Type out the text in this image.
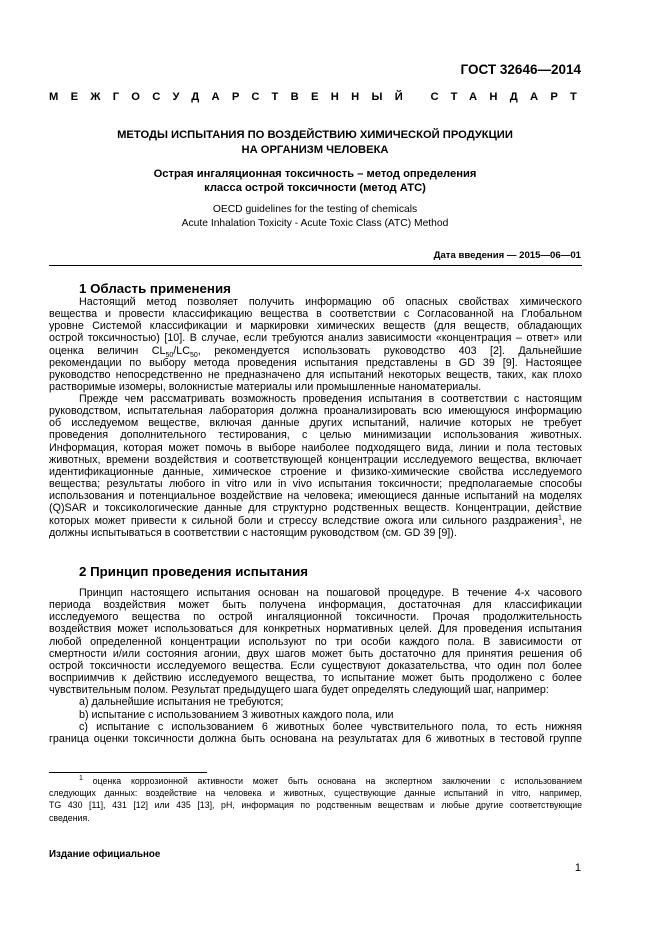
ГОСТ 32646—2014
МЕЖГОСУДАРСТВЕННЫЙ СТАНДАРТ
МЕТОДЫ ИСПЫТАНИЯ ПО ВОЗДЕЙСТВИЮ ХИМИЧЕСКОЙ ПРОДУКЦИИ
НА ОРГАНИЗМ ЧЕЛОВЕКА
Острая ингаляционная токсичность – метод определения
класса острой токсичности (метод АТС)
OECD guidelines for the testing of chemicals
Acute Inhalation Toxicity - Acute Toxic Class (ATC) Method
Дата введения — 2015—06—01
1 Область применения
Настоящий метод позволяет получить информацию об опасных свойствах химического
вещества и провести классификацию вещества в соответствии с Согласованной на Глобальном
уровне Системой классификации и маркировки химических веществ (для веществ, обладающих
острой токсичностью) [10]. В случае, если требуются анализ зависимости «концентрация – ответ» или
оценка величин $CL_{50}/LC_{50}$, рекомендуется использовать руководство 403 [2]. Дальнейшие
рекомендации по выбору метода проведения испытания представлены в GD 39 [9]. Настоящее
руководство непосредственно не предназначено для испытаний некоторых веществ, таких, как плохо
растворимые изомеры, волокнистые материалы или промышленные наноматериалы.
Прежде чем рассматривать возможность проведения испытания в соответствии с настоящим
руководством, испытательная лаборатория должна проанализировать всю имеющуюся информацию
об исследуемом веществе, включая данные других испытаний, наличие которых не требует
проведения дополнительного тестирования, с целью минимизации использования животных.
Информация, которая может помочь в выборе наиболее подходящего вида, линии и пола тестовых
животных, времени воздействия и соответствующей концентрации исследуемого вещества, включает
идентификационные данные, химическое строение и физико-химические свойства исследуемого
вещества; результаты любого in vitro или in vivo испытания токсичности; предполагаемые способы
использования и потенциальное воздействие на человека; имеющиеся данные испытаний на моделях
(Q)SAR и токсикологические данные для структурно родственных веществ. Концентрации, действие
которых может привести к сильной боли и стрессу вследствие ожога или сильного раздражения$^1$, не
должны испытываться в соответствии с настоящим руководством (см. GD 39 [9]).
2 Принцип проведения испытания
Принцип настоящего испытания основан на пошаговой процедуре. В течение 4-х часового
периода воздействия может быть получена информация, достаточная для классификации
исследуемого вещества по острой ингаляционной токсичности. Прочая продолжительность
воздействия может использоваться для конкретных нормативных целей. Для проведения испытания
любой определенной концентрации используют по три особи каждого пола. В зависимости от
смертности и/или состояния агонии, двух шагов может быть достаточно для принятия решения об
острой токсичности исследуемого вещества. Если существуют доказательства, что один пол более
восприимчив к действию исследуемого вещества, то испытание может быть продолжено с более
чувствительным полом. Результат предыдущего шага будет определять следующий шаг, например:
а) дальнейшие испытания не требуются;
b) испытание с использованием 3 животных каждого пола, или
с) испытание с использованием 6 животных более чувствительного пола, то есть нижняя
граница оценки токсичности должна быть основана на результатах для 6 животных в тестовой группе
$^1$ оценка коррозионной активности может быть основана на экспертном заключении с использованием
следующих данных: воздействие на человека и животных, существующие данные испытаний in vitro, например,
TG 430 [11], 431 [12] или 435 [13], pH, информация по родственным веществам и любые другие соответствующие
сведения.
Издание официальное
1
